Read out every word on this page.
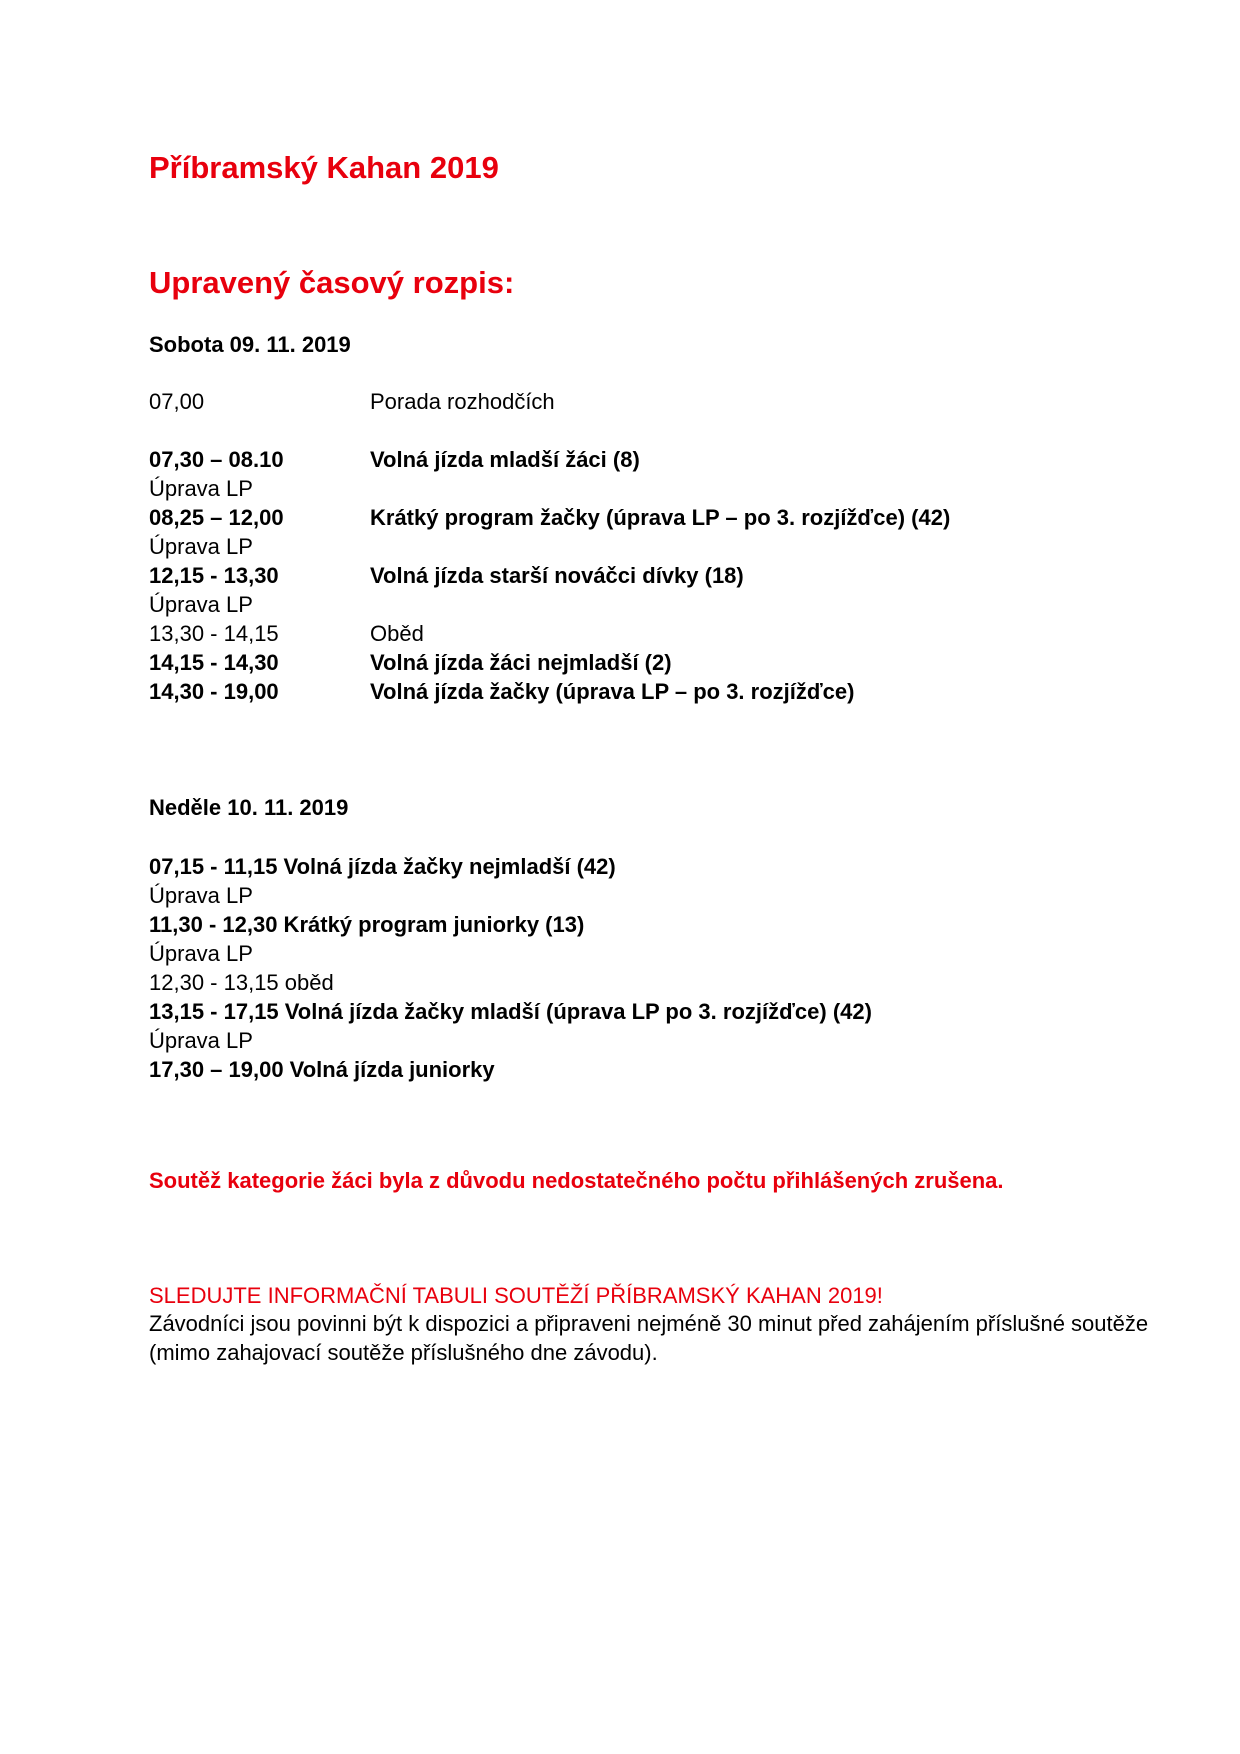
Příbramský Kahan 2019
Upravený časový rozpis:
Sobota 09. 11. 2019
07,00	Porada rozhodčích
07,30 – 08.10	Volná jízda mladší žáci (8)
Úprava LP
08,25 – 12,00	Krátký program žačky (úprava LP – po 3. rozjížďce) (42)
Úprava LP
12,15 - 13,30	Volná jízda starší nováčci dívky (18)
Úprava LP
13,30 - 14,15	Oběd
14,15 - 14,30	Volná jízda žáci nejmladší (2)
14,30 - 19,00	Volná jízda žačky (úprava LP – po 3. rozjížďce)
Neděle 10. 11. 2019
07,15 - 11,15 Volná jízda žačky nejmladší (42)
Úprava LP
11,30 - 12,30 Krátký program juniorky (13)
Úprava LP
12,30 - 13,15 oběd
13,15 - 17,15 Volná jízda žačky mladší (úprava LP po 3. rozjížďce) (42)
Úprava LP
17,30 – 19,00 Volná jízda juniorky
Soutěž kategorie žáci byla z důvodu nedostatečného počtu přihlášených zrušena.
SLEDUJTE INFORMAČNÍ TABULI SOUTĚŽÍ PŘÍBRAMSKÝ KAHAN 2019!
Závodníci jsou povinni být k dispozici a připraveni nejméně 30 minut před zahájením příslušné soutěže (mimo zahajovací soutěže příslušného dne závodu).
